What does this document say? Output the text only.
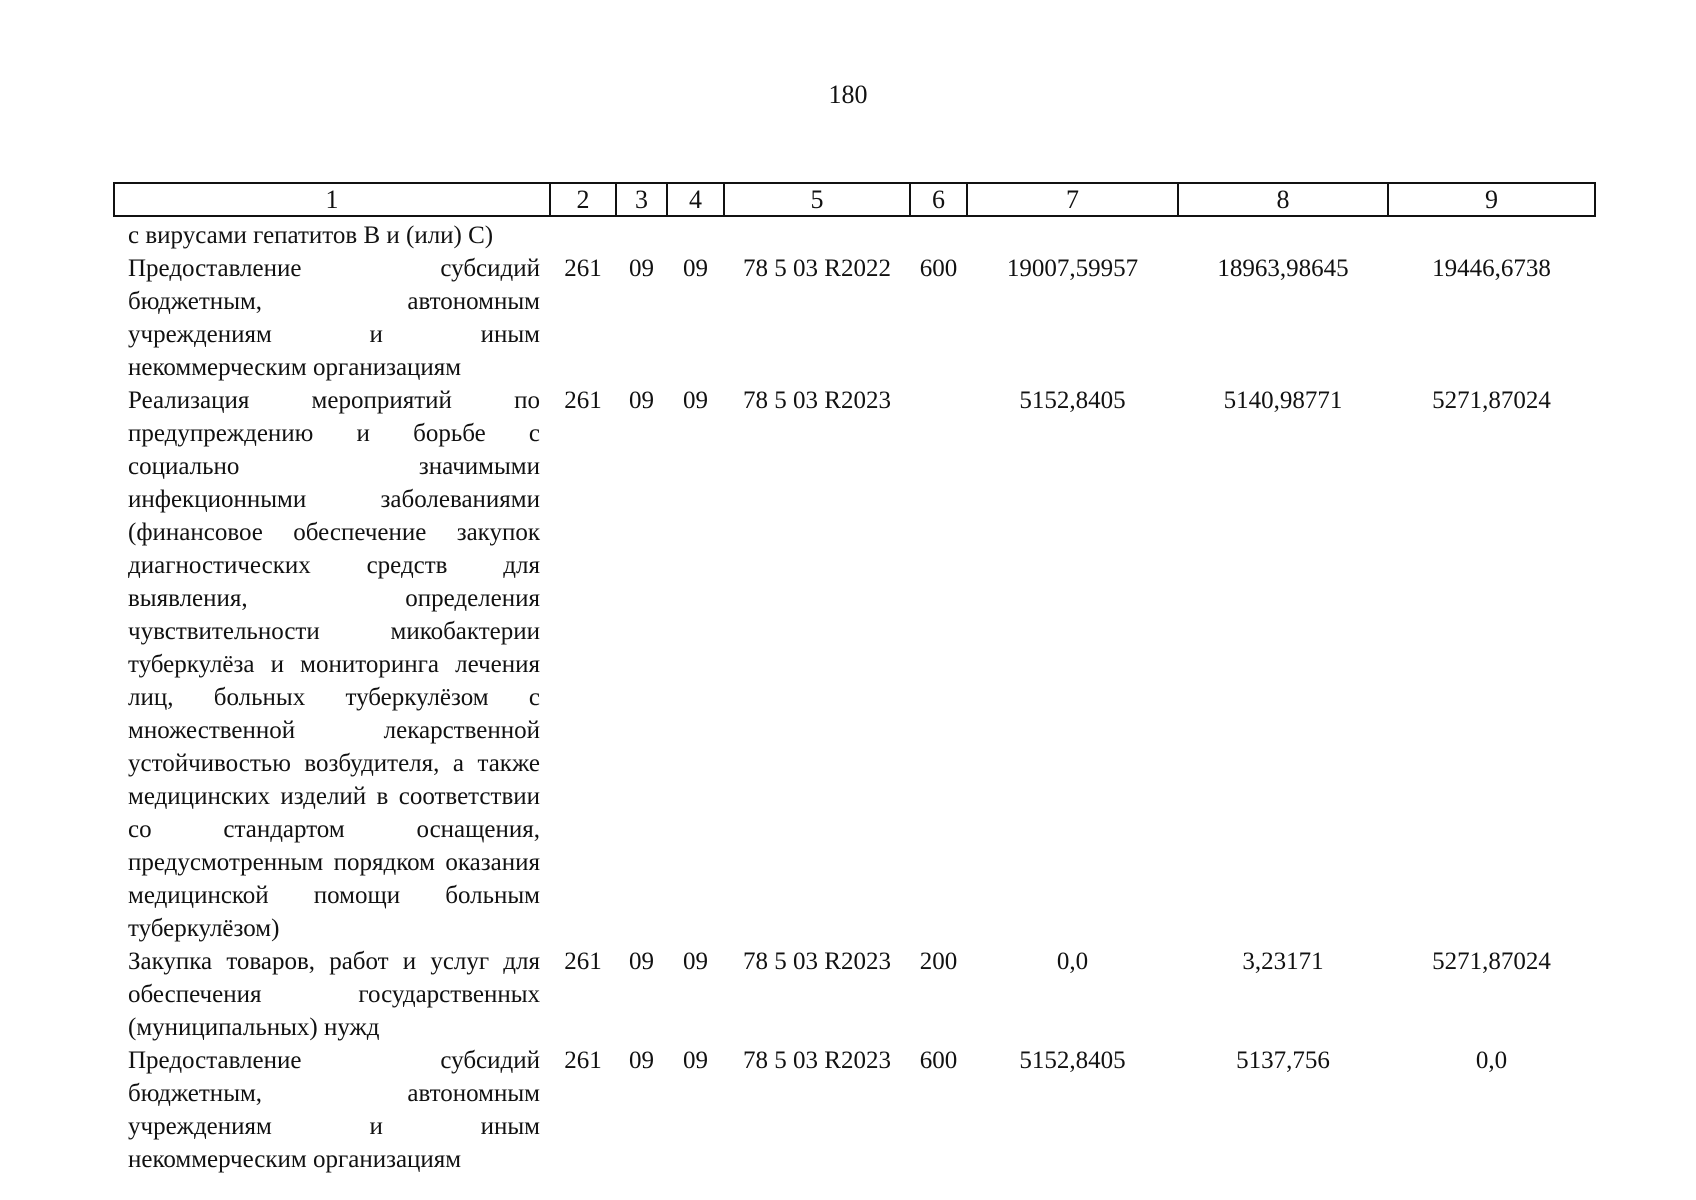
180
1	2	3	4	5	6	7	8	9

с вирусами гепатитов В и (или) С)								
Предоставление субсидий бюджетным, автономным учреждениям и иным некоммерческим организациям	261	09	09	78 5 03 R2022	600	19007,59957	18963,98645	19446,6738
Реализация мероприятий по предупреждению и борьбе с социально значимыми инфекционными заболеваниями (финансовое обеспечение закупок диагностических средств для выявления, определения чувствительности микобактерии туберкулёза и мониторинга лечения лиц, больных туберкулёзом с множественной лекарственной устойчивостью возбудителя, а также медицинских изделий в соответствии со стандартом оснащения, предусмотренным порядком оказания медицинской помощи больным туберкулёзом)	261	09	09	78 5 03 R2023		5152,8405	5140,98771	5271,87024
Закупка товаров, работ и услуг для обеспечения государственных (муниципальных) нужд	261	09	09	78 5 03 R2023	200	0,0	3,23171	5271,87024
Предоставление субсидий бюджетным, автономным учреждениям и иным некоммерческим организациям	261	09	09	78 5 03 R2023	600	5152,8405	5137,756	0,0
